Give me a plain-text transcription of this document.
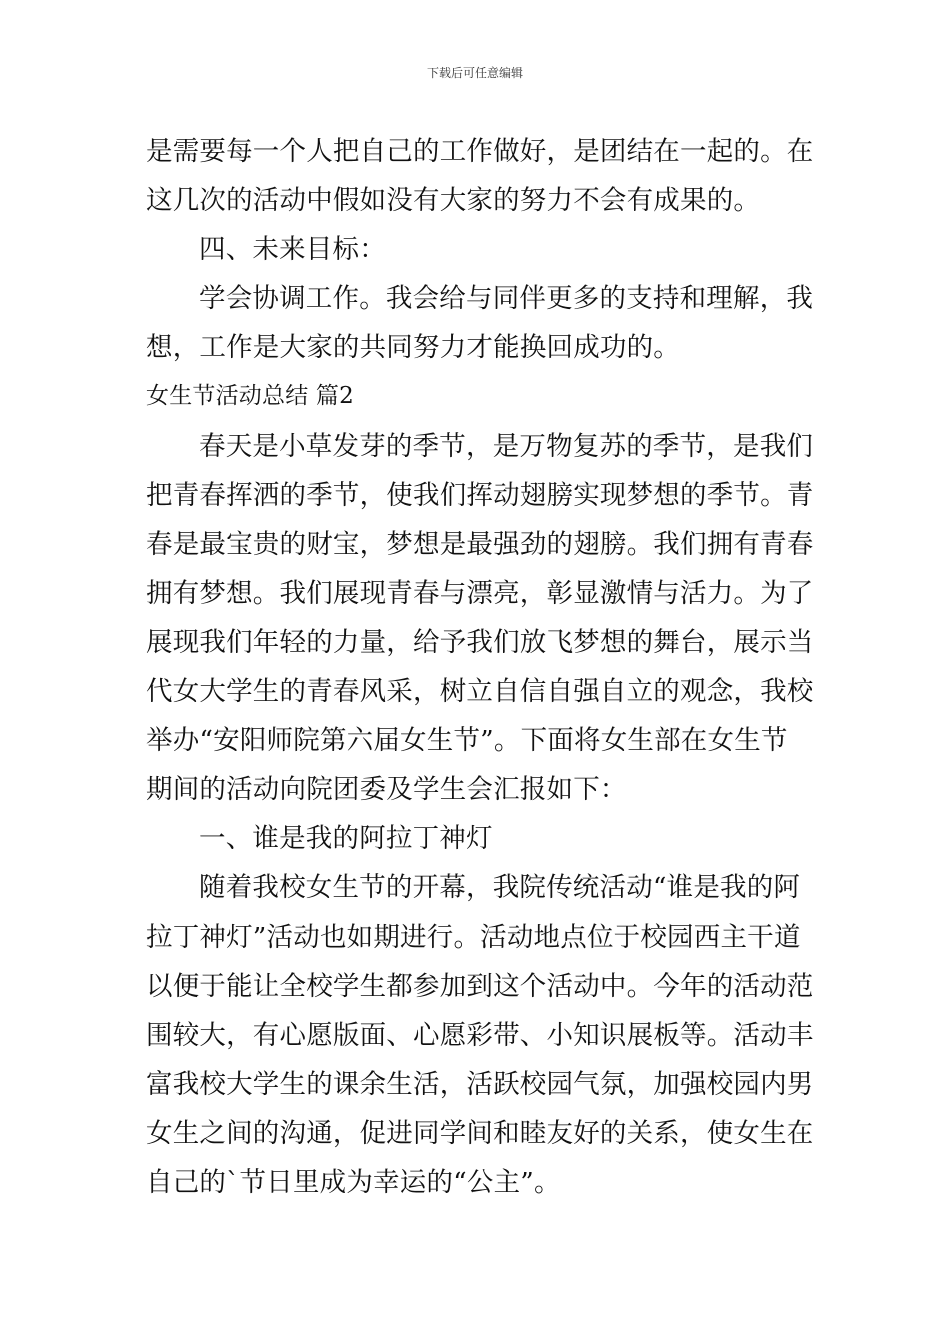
下载后可任意编辑
是需要每一个人把自己的工作做好，是团结在一起的。在
这几次的活动中假如没有大家的努力不会有成果的。
四、未来目标：
学会协调工作。我会给与同伴更多的支持和理解，我
想，工作是大家的共同努力才能换回成功的。
女生节活动总结 篇2
春天是小草发芽的季节，是万物复苏的季节，是我们
把青春挥洒的季节，使我们挥动翅膀实现梦想的季节。青
春是最宝贵的财宝，梦想是最强劲的翅膀。我们拥有青春
拥有梦想。我们展现青春与漂亮，彰显激情与活力。为了
展现我们年轻的力量，给予我们放飞梦想的舞台，展示当
代女大学生的青春风采，树立自信自强自立的观念，我校
举办“安阳师院第六届女生节”。下面将女生部在女生节
期间的活动向院团委及学生会汇报如下：
一、谁是我的阿拉丁神灯
随着我校女生节的开幕，我院传统活动“谁是我的阿
拉丁神灯”活动也如期进行。活动地点位于校园西主干道
以便于能让全校学生都参加到这个活动中。今年的活动范
围较大，有心愿版面、心愿彩带、小知识展板等。活动丰
富我校大学生的课余生活，活跃校园气氛，加强校园内男
女生之间的沟通，促进同学间和睦友好的关系，使女生在
自己的`节日里成为幸运的“公主”。
